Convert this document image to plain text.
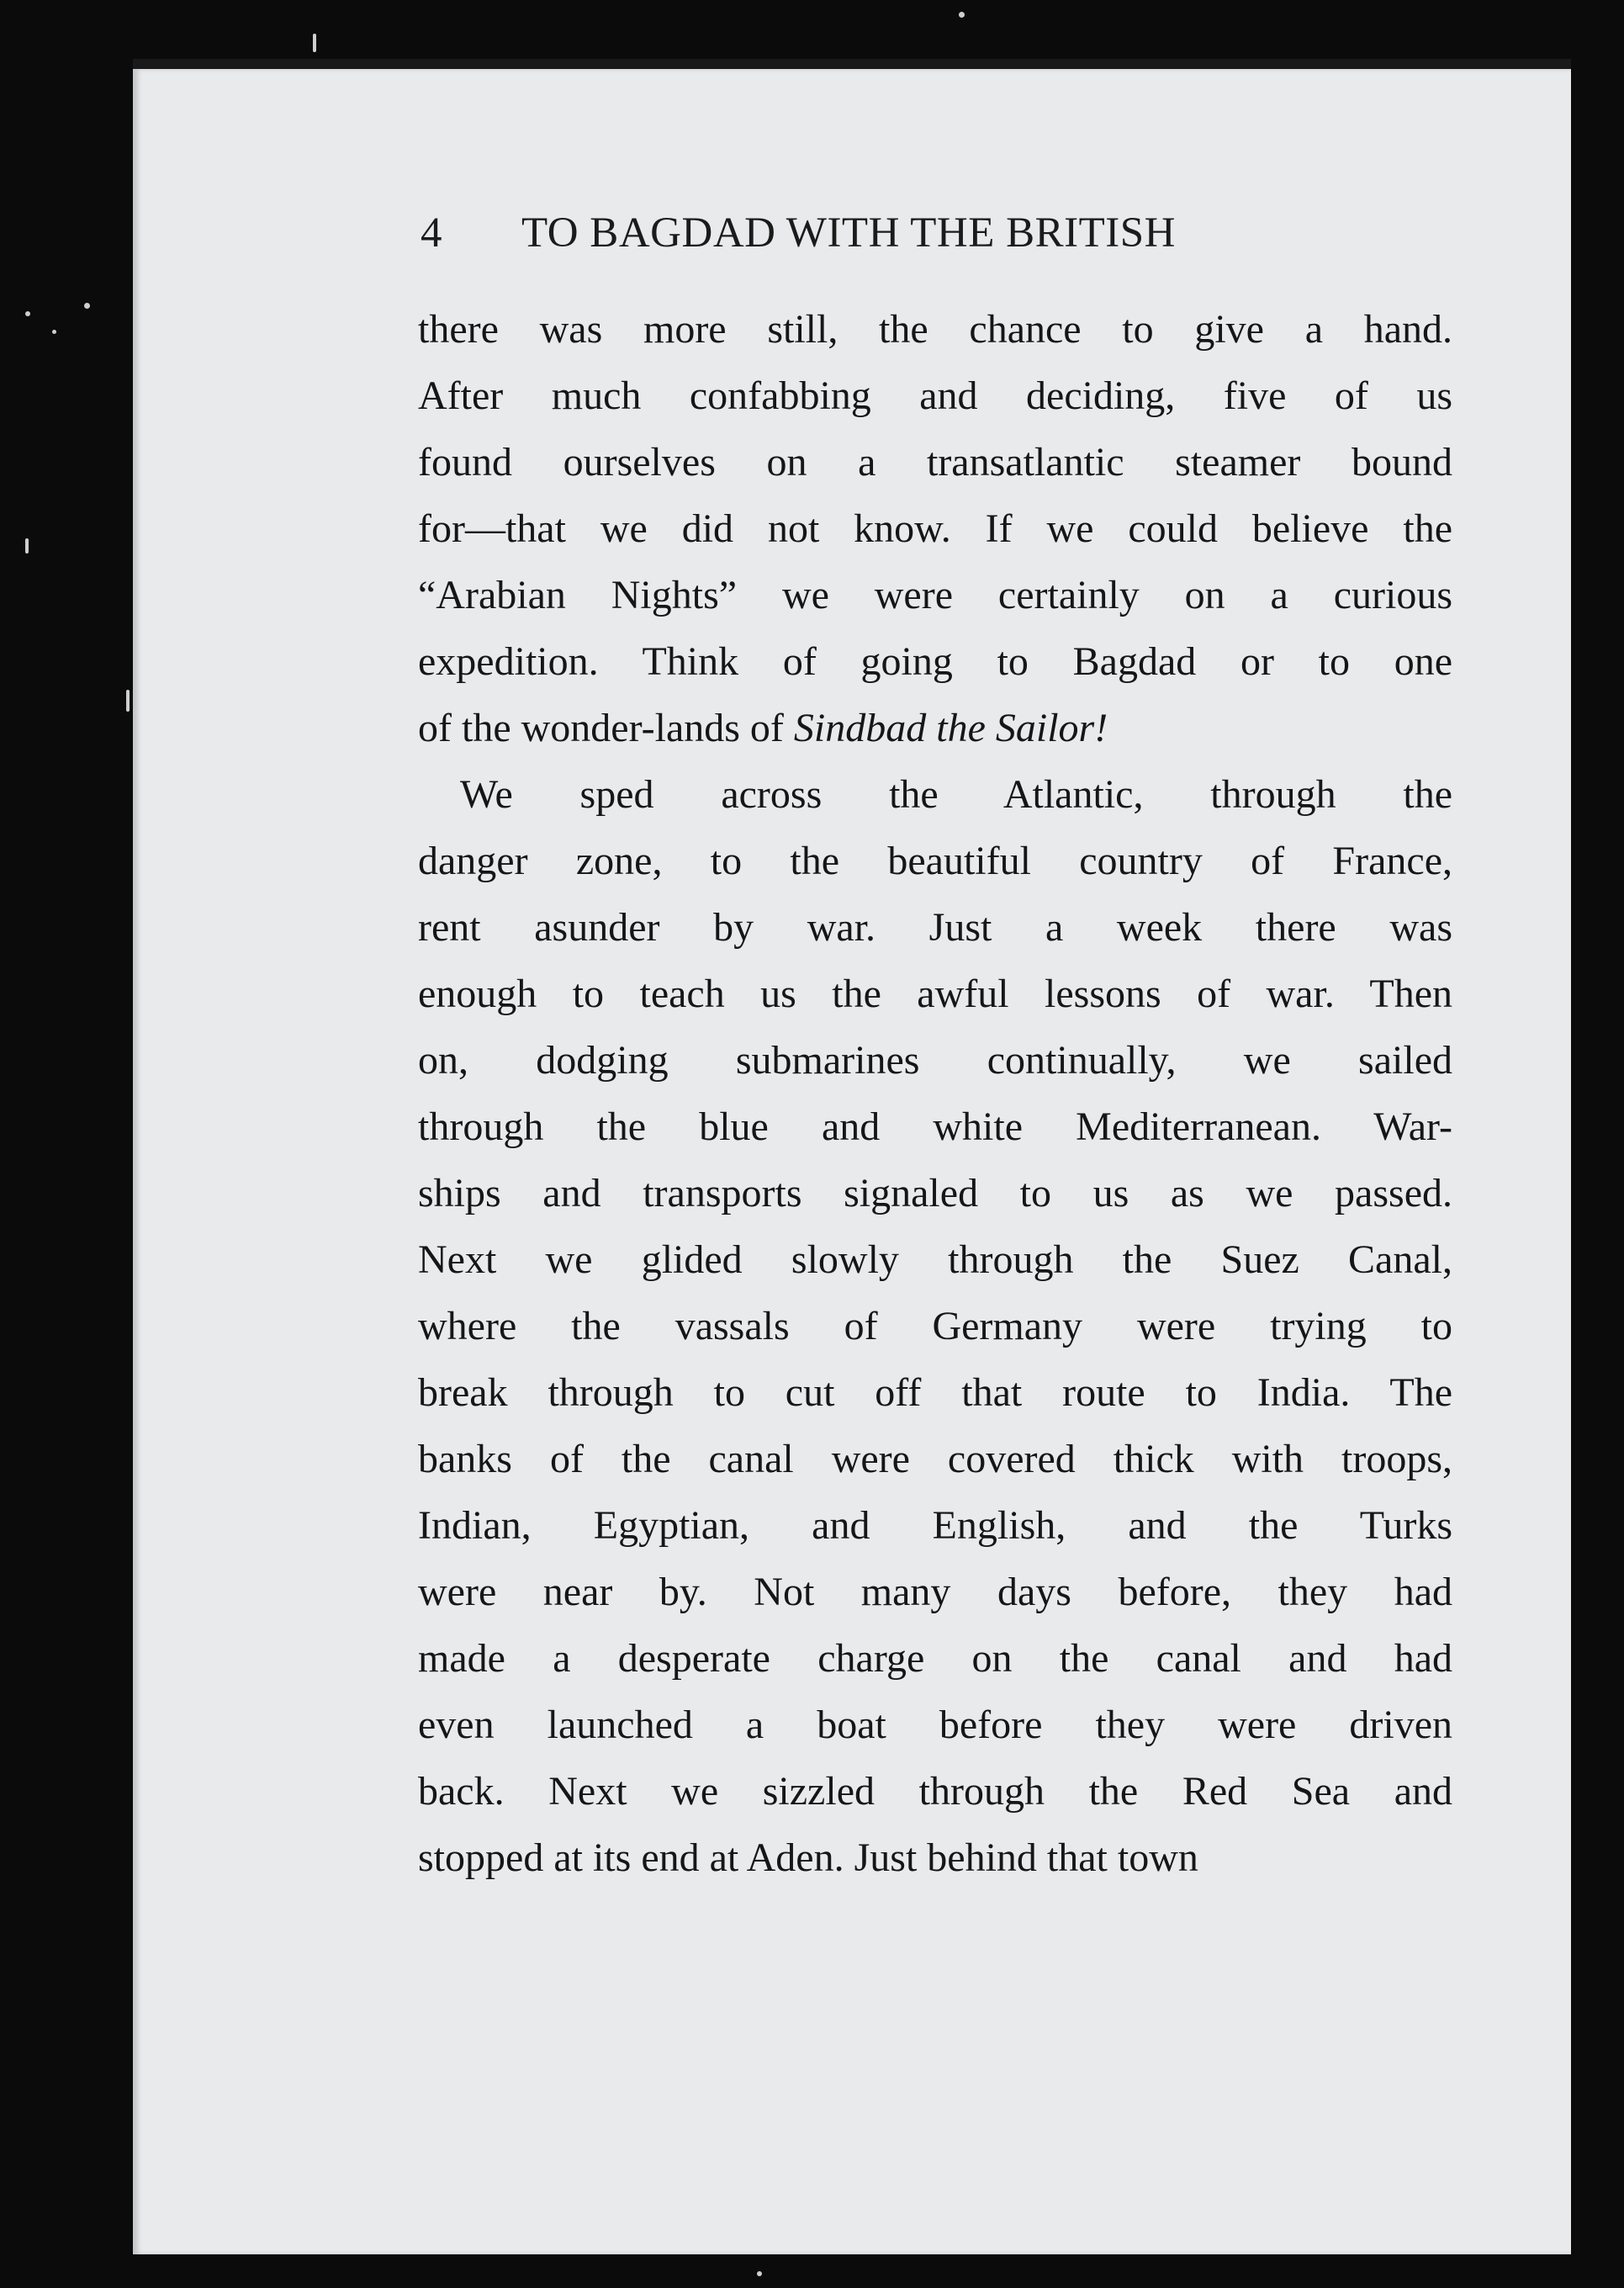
4 TO BAGDAD WITH THE BRITISH
there was more still, the chance to give a hand.
After much confabbing and deciding, five of us
found ourselves on a transatlantic steamer bound
for—that we did not know. If we could believe the
“Arabian Nights” we were certainly on a curious
expedition. Think of going to Bagdad or to one
of the wonder-lands of Sindbad the Sailor!
We sped across the Atlantic, through the
danger zone, to the beautiful country of France,
rent asunder by war. Just a week there was
enough to teach us the awful lessons of war. Then
on, dodging submarines continually, we sailed
through the blue and white Mediterranean. War-
ships and transports signaled to us as we passed.
Next we glided slowly through the Suez Canal,
where the vassals of Germany were trying to
break through to cut off that route to India. The
banks of the canal were covered thick with troops,
Indian, Egyptian, and English, and the Turks
were near by. Not many days before, they had
made a desperate charge on the canal and had
even launched a boat before they were driven
back. Next we sizzled through the Red Sea and
stopped at its end at Aden. Just behind that town
